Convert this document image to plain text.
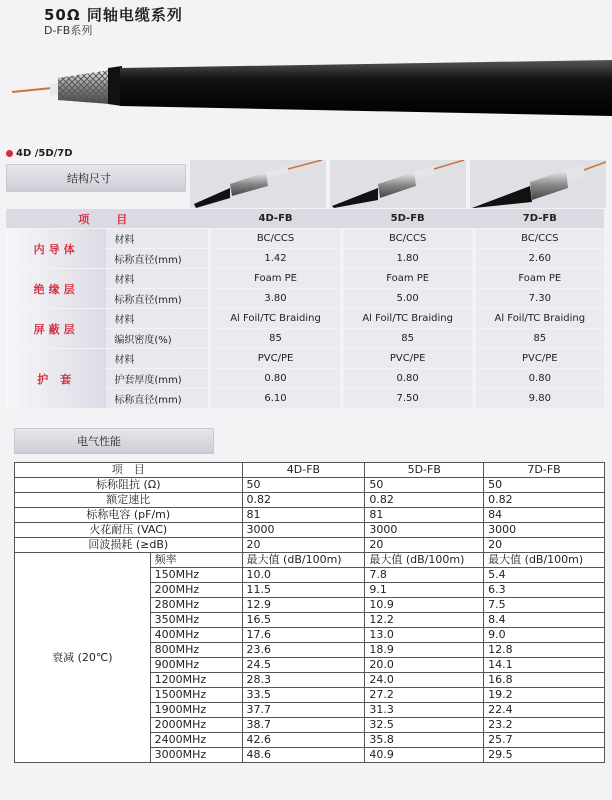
50Ω 同轴电缆系列
D-FB系列
4D /5D/7D
结构尺寸
项　目			4D-FB		5D-FB		7D-FB
内导体	材料		BC/CCS		BC/CCS		BC/CCS
	标称直径(mm)		1.42		1.80		2.60
绝缘层	材料		Foam PE		Foam PE		Foam PE
	标称直径(mm)		3.80		5.00		7.30
屏蔽层	材料		Al Foil/TC Braiding		Al Foil/TC Braiding		Al Foil/TC Braiding
	编织密度(%)		85		85		85
护 套	材料		PVC/PE		PVC/PE		PVC/PE
	护套厚度(mm)		0.80		0.80		0.80
	标称直径(mm)		6.10		7.50		9.80
电气性能
项　目		4D-FB	5D-FB	7D-FB
标称阻抗 (Ω)		50	50	50
额定速比		0.82	0.82	0.82
标称电容 (pF/m)		81	81	84
火花耐压 (VAC)		3000	3000	3000
回波损耗 (≥dB)		20	20	20
衰减 (20℃)	频率	最大值 (dB/100m)	最大值 (dB/100m)	最大值 (dB/100m)
	150MHz	10.0	7.8	5.4
	200MHz	11.5	9.1	6.3
	280MHz	12.9	10.9	7.5
	350MHz	16.5	12.2	8.4
	400MHz	17.6	13.0	9.0
	800MHz	23.6	18.9	12.8
	900MHz	24.5	20.0	14.1
	1200MHz	28.3	24.0	16.8
	1500MHz	33.5	27.2	19.2
	1900MHz	37.7	31.3	22.4
	2000MHz	38.7	32.5	23.2
	2400MHz	42.6	35.8	25.7
	3000MHz	48.6	40.9	29.5
